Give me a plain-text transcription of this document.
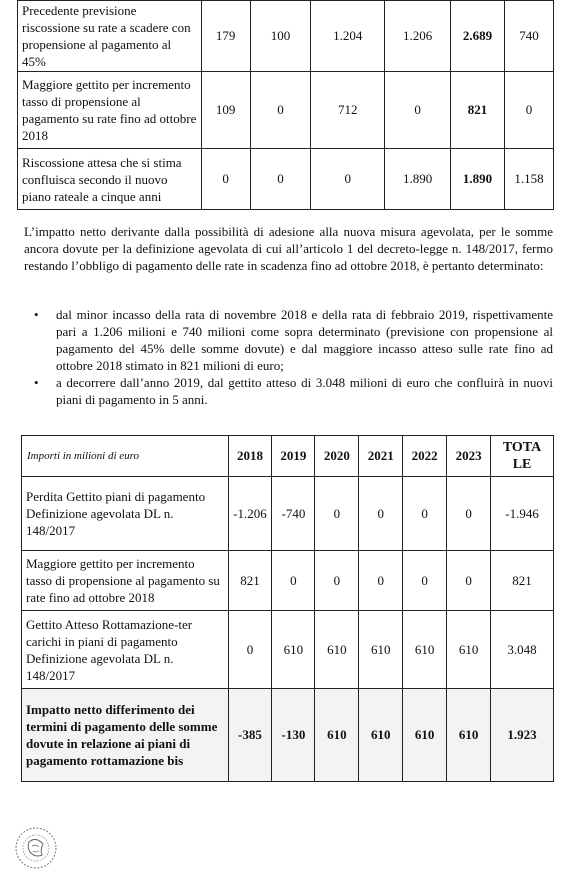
Precedente previsione riscossione su rate a scadere con propensione al pagamento al 45%	179	100	1.204	1.206	2.689	740
Maggiore gettito per incremento tasso di propensione al pagamento su rate fino ad ottobre 2018	109	0	712	0	821	0
Riscossione attesa che si stima confluisca secondo il nuovo piano rateale a cinque anni	0	0	0	1.890	1.890	1.158

L’impatto netto derivante dalla possibilità di adesione alla nuova misura agevolata, per le somme ancora dovute per la definizione agevolata di cui all’articolo 1 del decreto-legge n. 148/2017, fermo restando l’obbligo di pagamento delle rate in scadenza fino ad ottobre 2018, è pertanto determinato:

• dal minor incasso della rata di novembre 2018 e della rata di febbraio 2019, rispettivamente pari a 1.206 milioni e 740 milioni come sopra determinato (previsione con propensione al pagamento del 45% delle somme dovute) e dal maggiore incasso atteso sulle rate fino ad ottobre 2018 stimato in 821 milioni di euro;
• a decorrere dall’anno 2019, dal gettito atteso di 3.048 milioni di euro che confluirà in nuovi piani di pagamento in 5 anni.
Importi in milioni di euro	2018	2019	2020	2021	2022	2023	TOTALE
Perdita Gettito piani di pagamento Definizione agevolata DL n. 148/2017	-1.206	-740	0	0	0	0	-1.946
Maggiore gettito per incremento tasso di propensione al pagamento su rate fino ad ottobre 2018	821	0	0	0	0	0	821
Gettito Atteso Rottamazione-ter carichi in piani di pagamento Definizione agevolata DL n. 148/2017	0	610	610	610	610	610	3.048
Impatto netto differimento dei termini di pagamento delle somme dovute in relazione ai piani di pagamento rottamazione bis	-385	-130	610	610	610	610	1.923
